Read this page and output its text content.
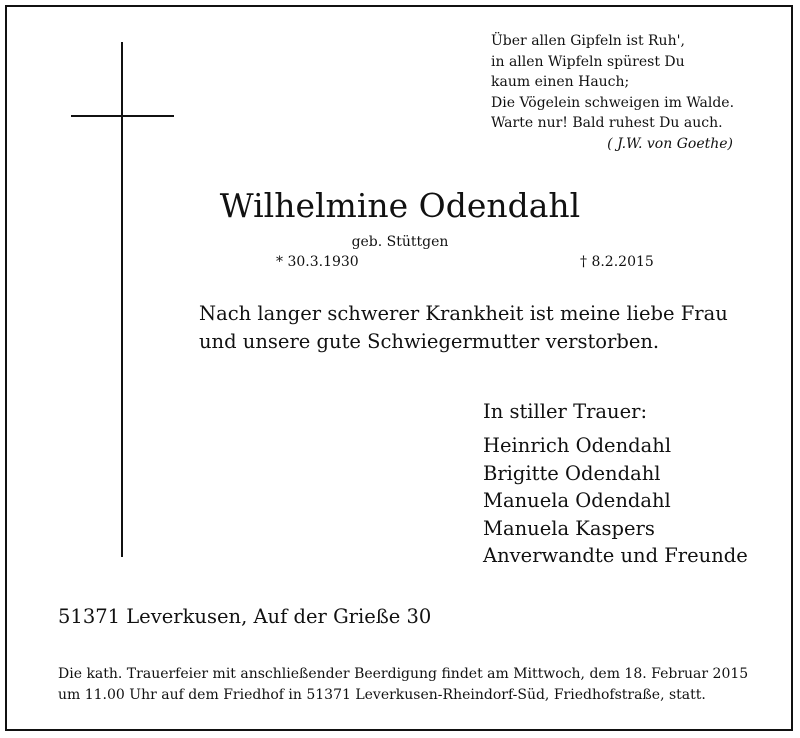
Über allen Gipfeln ist Ruh',
in allen Wipfeln spürest Du
kaum einen Hauch;
Die Vögelein schweigen im Walde.
Warte nur! Bald ruhest Du auch.
( J.W. von Goethe)
Wilhelmine Odendahl
geb. Stüttgen
* 30.3.1930	† 8.2.2015
Nach langer schwerer Krankheit ist meine liebe Frau und unsere gute Schwiegermutter verstorben.
In stiller Trauer:
Heinrich Odendahl
Brigitte Odendahl
Manuela Odendahl
Manuela Kaspers
Anverwandte und Freunde
51371 Leverkusen, Auf der Grieße 30
Die kath. Trauerfeier mit anschließender Beerdigung findet am Mittwoch, dem 18. Februar 2015
um 11.00 Uhr auf dem Friedhof in 51371 Leverkusen-Rheindorf-Süd, Friedhofstraße, statt.
